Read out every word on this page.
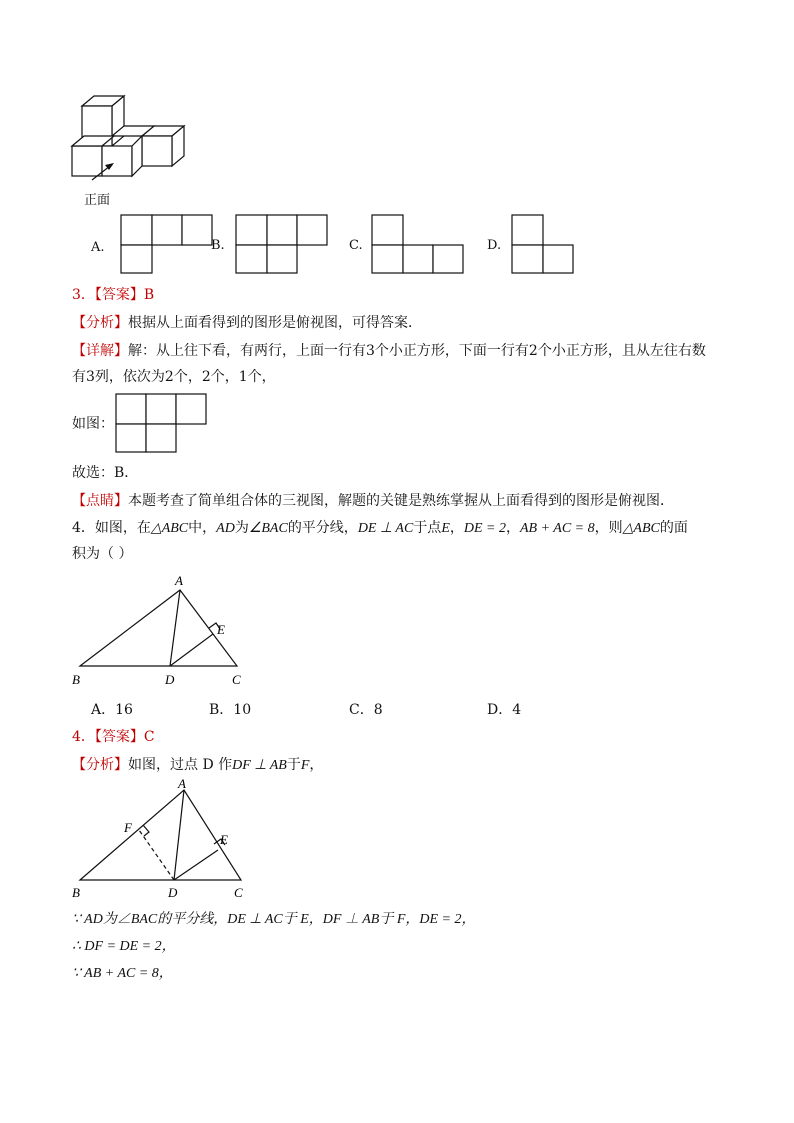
正面
A.	B.	C.	D.
3．【答案】B
【分析】根据从上面看得到的图形是俯视图，可得答案．
【详解】解：从上往下看，有两行，上面一行有3个小正方形，下面一行有2个小正方形，且从左往右数
有3列，依次为2个，2个，1个，
如图：
故选：B．
【点睛】本题考查了简单组合体的三视图，解题的关键是熟练掌握从上面看得到的图形是俯视图．
4．如图，在△ABC中，AD为∠BAC的平分线，DE ⊥ AC于点E，DE = 2，AB + AC = 8，则△ABC的面
积为（ ）
A
B	C
D
E
A．16	B．10	C．8	D．4
4．【答案】C
【分析】如图，过点 D 作DF ⊥ AB于F，
A
B	C
D
E
F
∵ AD为∠BAC的平分线，DE ⊥ AC于 E，DF ⊥ AB于 F，DE = 2，
∴ DF = DE = 2，
∵ AB + AC = 8，
